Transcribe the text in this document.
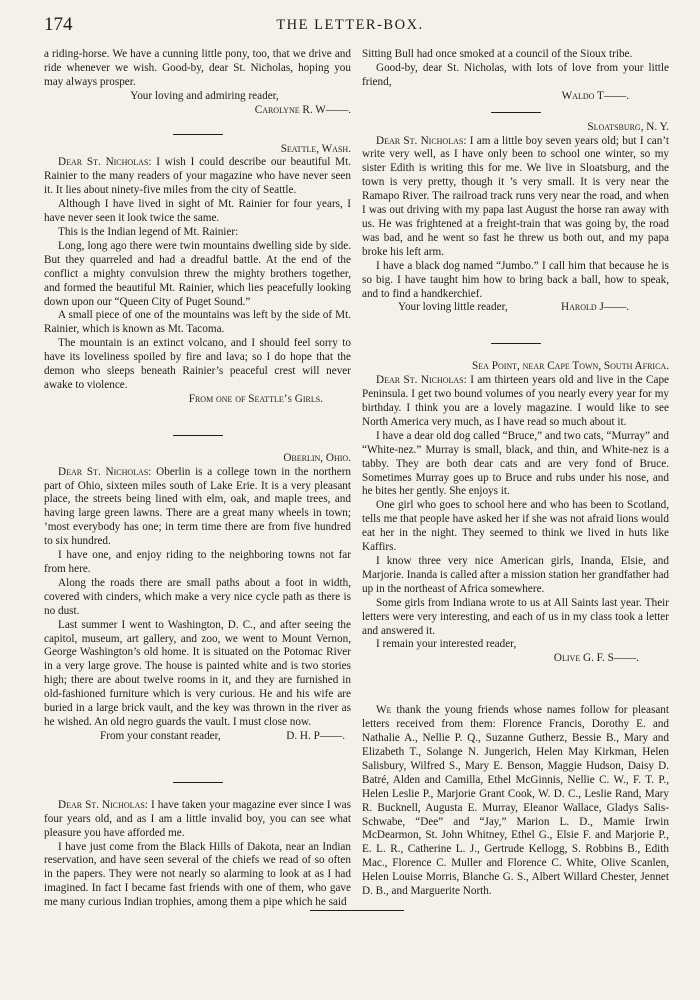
174	THE LETTER-BOX.

a riding-horse. We have a cunning little pony, too, that we drive and ride whenever we wish. Good-by, dear St. Nicholas, hoping you may always prosper.

Your loving and admiring reader,

Carolyne R. W——.

Seattle, Wash.

Dear St. Nicholas: I wish I could describe our beautiful Mt. Rainier to the many readers of your magazine who have never seen it. It lies about ninety-five miles from the city of Seattle.

Although I have lived in sight of Mt. Rainier for four years, I have never seen it look twice the same.

This is the Indian legend of Mt. Rainier:

Long, long ago there were twin mountains dwelling side by side. But they quarreled and had a dreadful battle. At the end of the conflict a mighty convulsion threw the mighty brothers together, and formed the beautiful Mt. Rainier, which lies peacefully looking down upon our “Queen City of Puget Sound.”

A small piece of one of the mountains was left by the side of Mt. Rainier, which is known as Mt. Tacoma.

The mountain is an extinct volcano, and I should feel sorry to have its loveliness spoiled by fire and lava; so I do hope that the demon who sleeps beneath Rainier’s peaceful crest will never awake to violence.

From one of Seattle’s Girls.

Oberlin, Ohio.

Dear St. Nicholas: Oberlin is a college town in the northern part of Ohio, sixteen miles south of Lake Erie. It is a very pleasant place, the streets being lined with elm, oak, and maple trees, and having large green lawns. There are a great many wheels in town; ’most everybody has one; in term time there are from five hundred to six hundred.

I have one, and enjoy riding to the neighboring towns not far from here.

Along the roads there are small paths about a foot in width, covered with cinders, which make a very nice cycle path as there is no dust.

Last summer I went to Washington, D. C., and after seeing the capitol, museum, art gallery, and zoo, we went to Mount Vernon, George Washington’s old home. It is situated on the Potomac River in a very large grove. The house is painted white and is two stories high; there are about twelve rooms in it, and they are furnished in old-fashioned furniture which is very curious. He and his wife are buried in a large brick vault, and the key was thrown in the river as he wished. An old negro guards the vault. I must close now.

From your constant reader,	D. H. P——.

Dear St. Nicholas: I have taken your magazine ever since I was four years old, and as I am a little invalid boy, you can see what pleasure you have afforded me.

I have just come from the Black Hills of Dakota, near an Indian reservation, and have seen several of the chiefs we read of so often in the papers. They were not nearly so alarming to look at as I had imagined. In fact I became fast friends with one of them, who gave me many curious Indian trophies, among them a pipe which he said

Sitting Bull had once smoked at a council of the Sioux tribe.

Good-by, dear St. Nicholas, with lots of love from your little friend,

Waldo T——.

Sloatsburg, N. Y.

Dear St. Nicholas: I am a little boy seven years old; but I can’t write very well, as I have only been to school one winter, so my sister Edith is writing this for me. We live in Sloatsburg, and the town is very pretty, though it ’s very small. It is very near the Ramapo River. The railroad track runs very near the road, and when I was out driving with my papa last August the horse ran away with us. He was frightened at a freight-train that was going by, the road was bad, and he went so fast he threw us both out, and my papa broke his left arm.

I have a black dog named “Jumbo.” I call him that because he is so big. I have taught him how to bring back a ball, how to speak, and to find a handkerchief.

Your loving little reader,	Harold J——.

Sea Point, near Cape Town, South Africa.

Dear St. Nicholas: I am thirteen years old and live in the Cape Peninsula. I get two bound volumes of you nearly every year for my birthday. I think you are a lovely magazine. I would like to see North America very much, as I have read so much about it.

I have a dear old dog called “Bruce,” and two cats, “Murray” and “White-nez.” Murray is small, black, and thin, and White-nez is a tabby. They are both dear cats and are very fond of Bruce. Sometimes Murray goes up to Bruce and rubs under his nose, and he bites her gently. She enjoys it.

One girl who goes to school here and who has been to Scotland, tells me that people have asked her if she was not afraid lions would eat her in the night. They seemed to think we lived in huts like Kaffirs.

I know three very nice American girls, Inanda, Elsie, and Marjorie. Inanda is called after a mission station her grandfather had up in the northeast of Africa somewhere.

Some girls from Indiana wrote to us at All Saints last year. Their letters were very interesting, and each of us in my class took a letter and answered it.

I remain your interested reader,

Olive G. F. S——.

We thank the young friends whose names follow for pleasant letters received from them: Florence Francis, Dorothy E. and Nathalie A., Nellie P. Q., Suzanne Gutherz, Bessie B., Mary and Elizabeth T., Solange N. Jungerich, Helen May Kirkman, Helen Salisbury, Wilfred S., Mary E. Benson, Maggie Hudson, Daisy D. Batré, Alden and Camilla, Ethel McGinnis, Nellie C. W., F. T. P., Helen Leslie P., Marjorie Grant Cook, W. D. C., Leslie Rand, Mary R. Bucknell, Augusta E. Murray, Eleanor Wallace, Gladys Salis-Schwabe, “Dee” and “Jay,” Marion L. D., Mamie Irwin McDearmon, St. John Whitney, Ethel G., Elsie F. and Marjorie P., E. L. R., Catherine L. J., Gertrude Kellogg, S. Robbins B., Edith Mac., Florence C. Muller and Florence C. White, Olive Scanlen, Helen Louise Morris, Blanche G. S., Albert Willard Chester, Jennet D. B., and Marguerite North.
